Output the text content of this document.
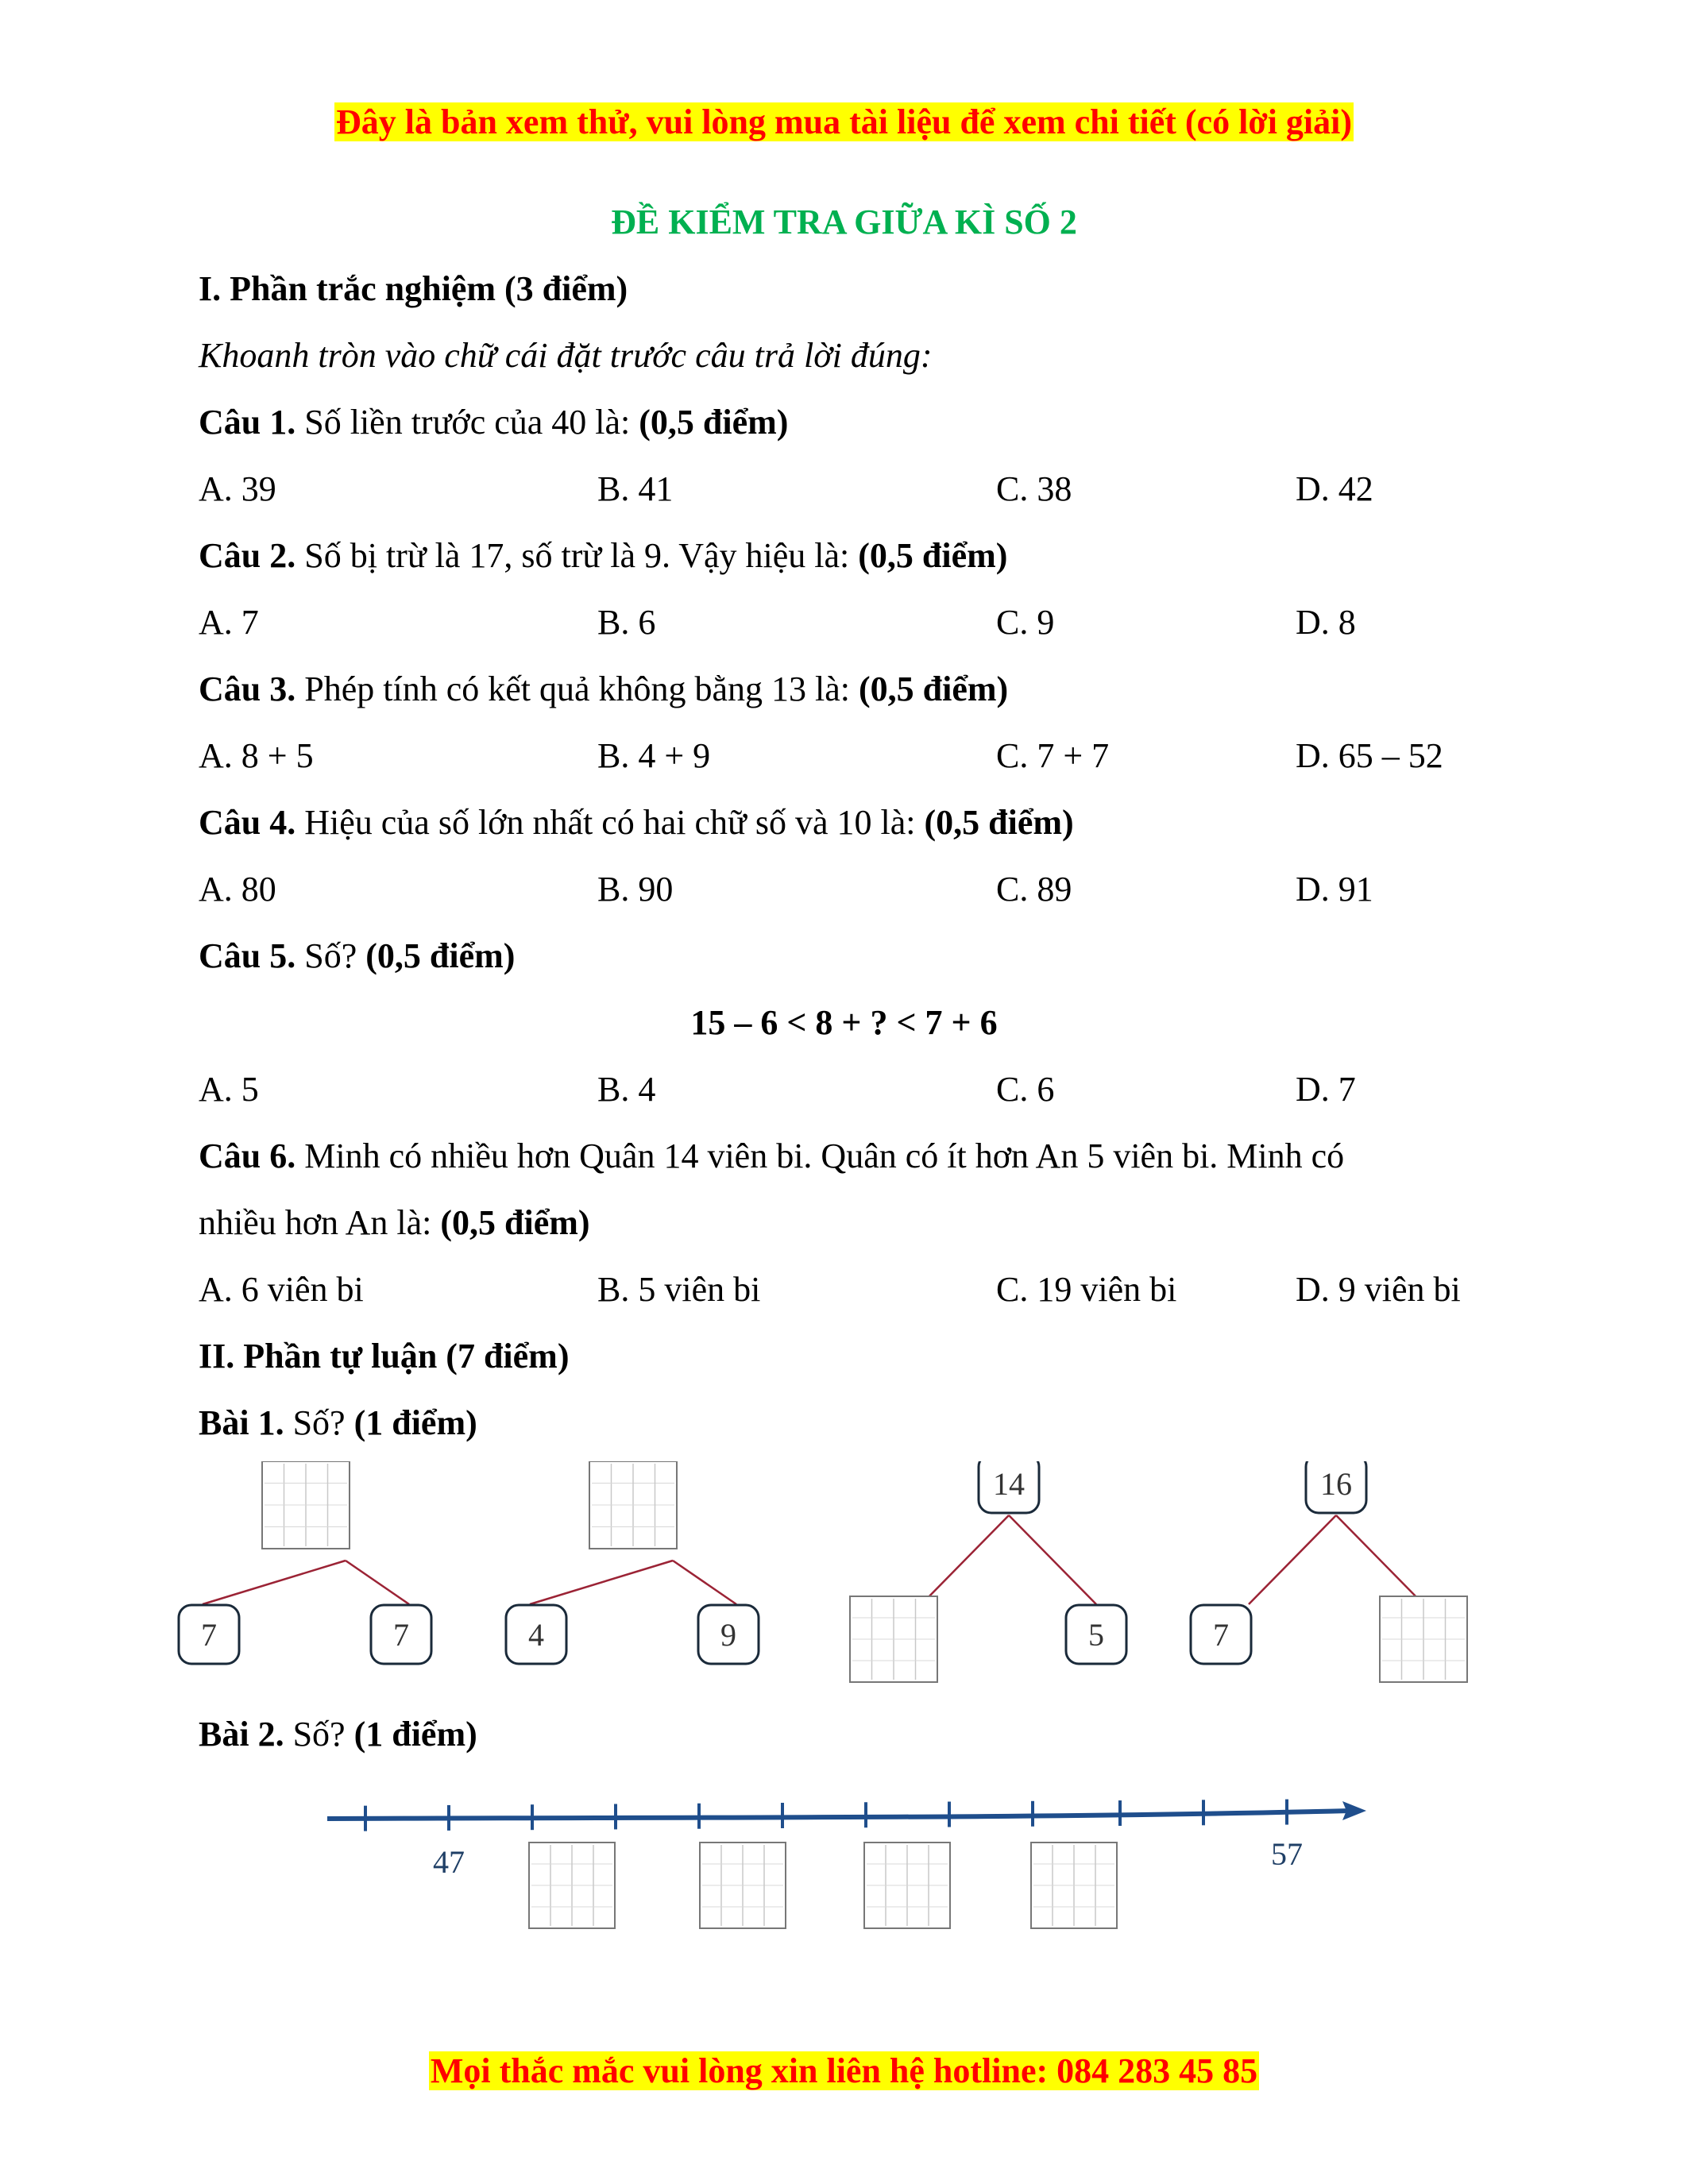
Đây là bản xem thử, vui lòng mua tài liệu để xem chi tiết (có lời giải)
ĐỀ KIỂM TRA GIỮA KÌ SỐ 2
I. Phần trắc nghiệm (3 điểm)
Khoanh tròn vào chữ cái đặt trước câu trả lời đúng:
Câu 1. Số liền trước của 40 là: (0,5 điểm)
A. 39	B. 41	C. 38	D. 42
Câu 2. Số bị trừ là 17, số trừ là 9. Vậy hiệu là: (0,5 điểm)
A. 7	B. 6	C. 9	D. 8
Câu 3. Phép tính có kết quả không bằng 13 là: (0,5 điểm)
A. 8 + 5	B. 4 + 9	C. 7 + 7	D. 65 – 52
Câu 4. Hiệu của số lớn nhất có hai chữ số và 10 là: (0,5 điểm)
A. 80	B. 90	C. 89	D. 91
Câu 5. Số? (0,5 điểm)
15 – 6 < 8 + ? < 7 + 6
A. 5	B. 4	C. 6	D. 7
Câu 6. Minh có nhiều hơn Quân 14 viên bi. Quân có ít hơn An 5 viên bi. Minh có
nhiều hơn An là: (0,5 điểm)
A. 6 viên bi	B. 5 viên bi	C. 19 viên bi	D. 9 viên bi
II. Phần tự luận (7 điểm)
Bài 1. Số? (1 điểm)
7	7	4	9
14
5
16
7
Bài 2. Số? (1 điểm)
47	57
Mọi thắc mắc vui lòng xin liên hệ hotline: 084 283 45 85
